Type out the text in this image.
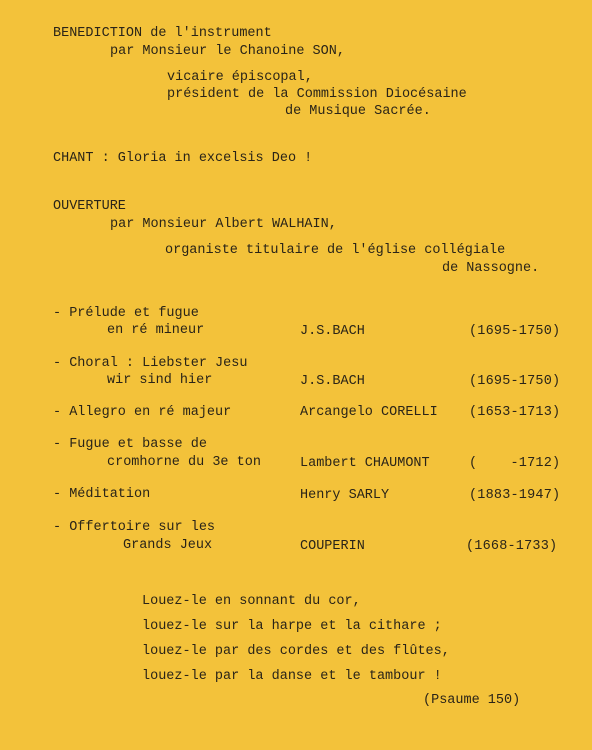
BENEDICTION de l'instrument
par Monsieur le Chanoine SON,
vicaire épiscopal,
président de la Commission Diocésaine
de Musique Sacrée.
CHANT : Gloria in excelsis Deo !
OUVERTURE
par Monsieur Albert WALHAIN,
organiste titulaire de l'église collégiale
de Nassogne.
- Prélude et fugue
en ré mineur	J.S.BACH	(1695-1750)
- Choral : Liebster Jesu
wir sind hier	J.S.BACH	(1695-1750)
- Allegro en ré majeur	Arcangelo CORELLI (1653-1713)
- Fugue et basse de
cromhorne du 3e ton	Lambert CHAUMONT	(    -1712)
- Méditation	Henry SARLY	(1883-1947)
- Offertoire sur les
Grands Jeux	COUPERIN	(1668-1733)
Louez-le en sonnant du cor,
louez-le sur la harpe et la cithare ;
louez-le par des cordes et des flûtes,
louez-le par la danse et le tambour !
(Psaume 150)
